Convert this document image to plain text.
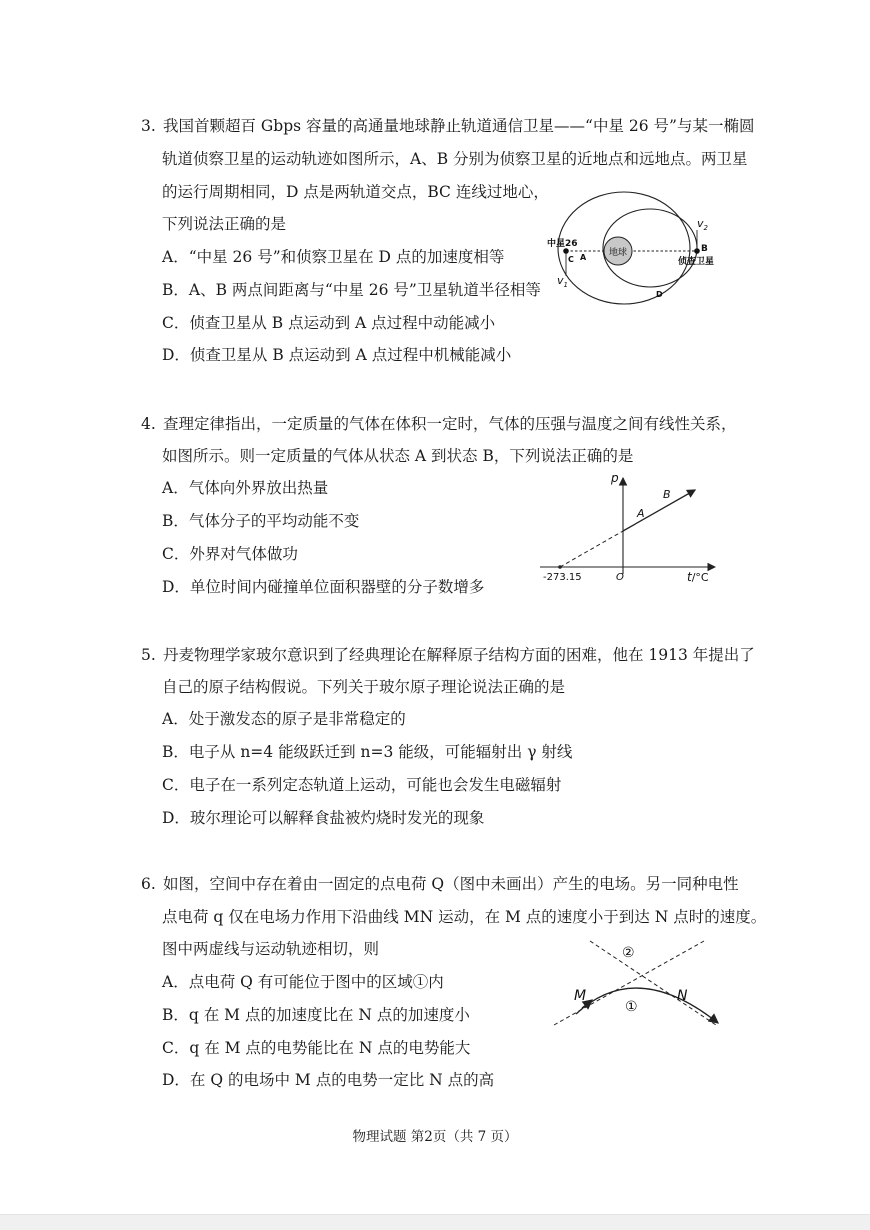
3. 我国首颗超百 Gbps 容量的高通量地球静止轨道通信卫星——“中星 26 号”与某一椭圆
轨道侦察卫星的运动轨迹如图所示，A、B 分别为侦察卫星的近地点和远地点。两卫星
的运行周期相同，D 点是两轨道交点，BC 连线过地心，
下列说法正确的是
A．“中星 26 号”和侦察卫星在 D 点的加速度相等
B．A、B 两点间距离与“中星 26 号”卫星轨道半径相等
C．侦查卫星从 B 点运动到 A 点过程中动能减小
D．侦查卫星从 B 点运动到 A 点过程中机械能减小
地球
中星26
C A
B
侦查卫星
D
$v_1$
$v_2$
4. 查理定律指出，一定质量的气体在体积一定时，气体的压强与温度之间有线性关系，
如图所示。则一定质量的气体从状态 A 到状态 B，下列说法正确的是
A．气体向外界放出热量
B．气体分子的平均动能不变
C．外界对气体做功
D．单位时间内碰撞单位面积器壁的分子数增多
p
A
B
O
-273.15	t/°C
5. 丹麦物理学家玻尔意识到了经典理论在解释原子结构方面的困难，他在 1913 年提出了
自己的原子结构假说。下列关于玻尔原子理论说法正确的是
A．处于激发态的原子是非常稳定的
B．电子从 n=4 能级跃迁到 n=3 能级，可能辐射出 γ 射线
C．电子在一系列定态轨道上运动，可能也会发生电磁辐射
D．玻尔理论可以解释食盐被灼烧时发光的现象
6. 如图，空间中存在着由一固定的点电荷 Q（图中未画出）产生的电场。另一同种电性
点电荷 q 仅在电场力作用下沿曲线 MN 运动，在 M 点的速度小于到达 N 点时的速度。
图中两虚线与运动轨迹相切，则
A．点电荷 Q 有可能位于图中的区域①内
B．q 在 M 点的加速度比在 N 点的加速度小
C．q 在 M 点的电势能比在 N 点的电势能大
D．在 Q 的电场中 M 点的电势一定比 N 点的高
M	N
①
②
物理试题 第2页（共 7 页）
